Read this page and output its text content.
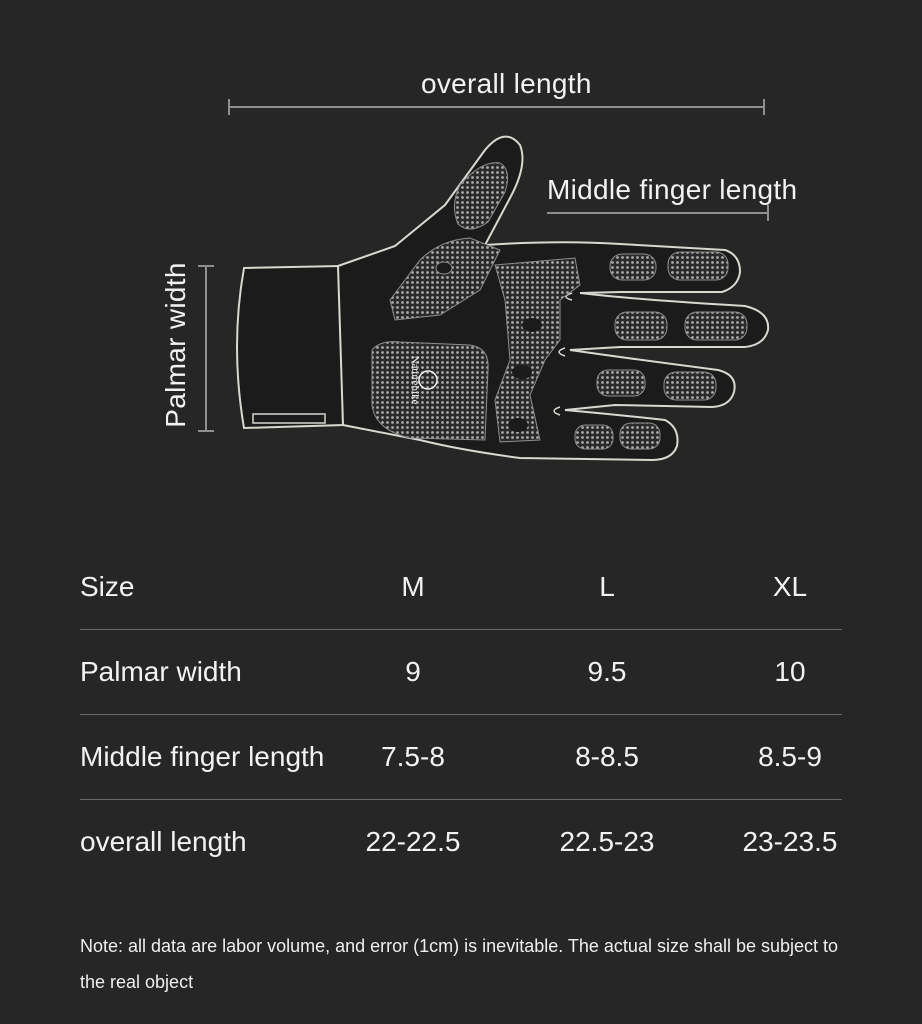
overall length
Middle finger length
Palmar width	Naturehike
Size	M	L	XL
Palmar width	9	9.5	10
Middle finger length	7.5-8	8-8.5	8.5-9
overall length	22-22.5	22.5-23	23-23.5
Note: all data are labor volume, and error (1cm) is inevitable. The actual size shall be subject to the real object
